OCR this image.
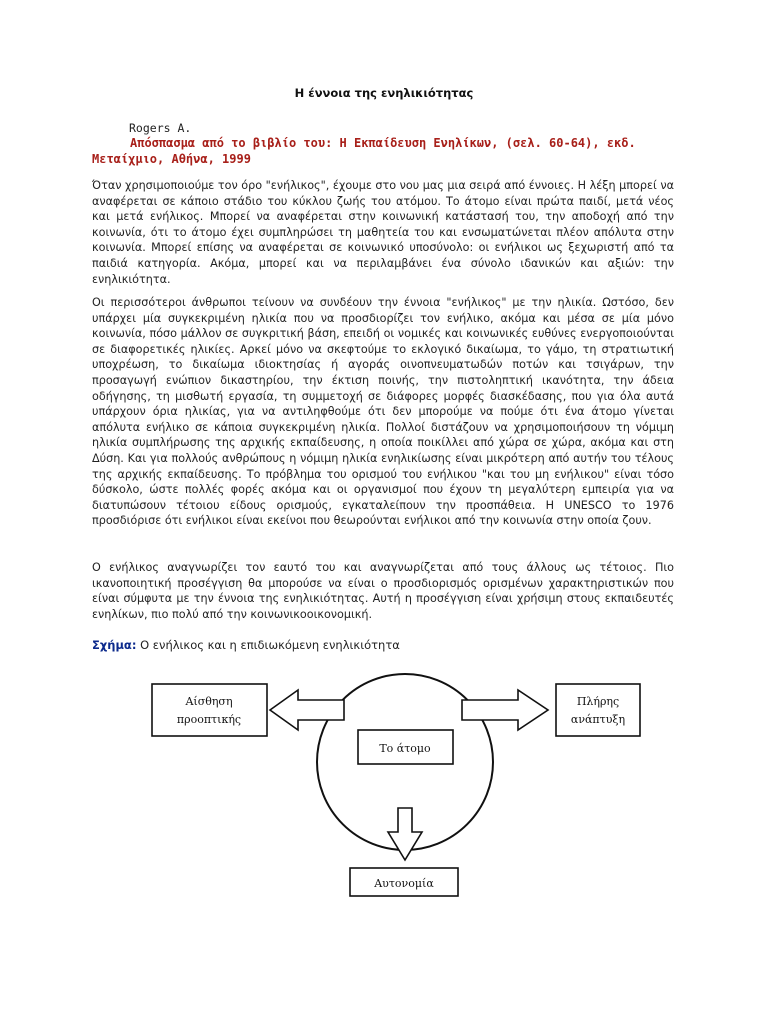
Η έννοια της ενηλικιότητας
Rogers A.
Απόσπασμα από το βιβλίο του: Η Εκπαίδευση Ενηλίκων, (σελ. 60-64), εκδ. Μεταίχμιο, Αθήνα, 1999

Όταν χρησιμοποιούμε τον όρο "ενήλικος", έχουμε στο νου μας μια σειρά από έννοιες. Η λέξη μπορεί να αναφέρεται σε κάποιο στάδιο του κύκλου ζωής του ατόμου. Το άτομο είναι πρώτα παιδί, μετά νέος και μετά ενήλικος. Μπορεί να αναφέρεται στην κοινωνική κατάστασή του, την αποδοχή από την κοινωνία, ότι το άτομο έχει συμπληρώσει τη μαθητεία του και ενσωματώνεται πλέον απόλυτα στην κοινωνία. Μπορεί επίσης να αναφέρεται σε κοινωνικό υποσύνολο: οι ενήλικοι ως ξεχωριστή από τα παιδιά κατηγορία. Ακόμα, μπορεί και να περιλαμβάνει ένα σύνολο ιδανικών και αξιών: την ενηλικιότητα.

Οι περισσότεροι άνθρωποι τείνουν να συνδέουν την έννοια "ενήλικος" με την ηλικία. Ωστόσο, δεν υπάρχει μία συγκεκριμένη ηλικία που να προσδιορίζει τον ενήλικο, ακόμα και μέσα σε μία μόνο κοινωνία, πόσο μάλλον σε συγκριτική βάση, επειδή οι νομικές και κοινωνικές ευθύνες ενεργοποιούνται σε διαφορετικές ηλικίες. Αρκεί μόνο να σκεφτούμε το εκλογικό δικαίωμα, το γάμο, τη στρατιωτική υποχρέωση, το δικαίωμα ιδιοκτησίας ή αγοράς οινοπνευματωδών ποτών και τσιγάρων, την προσαγωγή ενώπιον δικαστηρίου, την έκτιση ποινής, την πιστοληπτική ικανότητα, την άδεια οδήγησης, τη μισθωτή εργασία, τη συμμετοχή σε διάφορες μορφές διασκέδασης, που για όλα αυτά υπάρχουν όρια ηλικίας, για να αντιληφθούμε ότι δεν μπορούμε να πούμε ότι ένα άτομο γίνεται απόλυτα ενήλικο σε κάποια συγκεκριμένη ηλικία. Πολλοί διστάζουν να χρησιμοποιήσουν τη νόμιμη ηλικία συμπλήρωσης της αρχικής εκπαίδευσης, η οποία ποικίλλει από χώρα σε χώρα, ακόμα και στη Δύση. Και για πολλούς ανθρώπους η νόμιμη ηλικία ενηλικίωσης είναι μικρότερη από αυτήν του τέλους της αρχικής εκπαίδευσης. Το πρόβλημα του ορισμού του ενήλικου "και του μη ενήλικου" είναι τόσο δύσκολο, ώστε πολλές φορές ακόμα και οι οργανισμοί που έχουν τη μεγαλύτερη εμπειρία για να διατυπώσουν τέτοιου είδους ορισμούς, εγκαταλείπουν την προσπάθεια. Η UNESCO το 1976 προσδιόρισε ότι ενήλικοι είναι εκείνοι που θεωρούνται ενήλικοι από την κοινωνία στην οποία ζουν.

Ο ενήλικος αναγνωρίζει τον εαυτό του και αναγνωρίζεται από τους άλλους ως τέτοιος. Πιο ικανοποιητική προσέγγιση θα μπορούσε να είναι ο προσδιορισμός ορισμένων χαρακτηριστικών που είναι σύμφυτα με την έννοια της ενηλικιότητας. Αυτή η προσέγγιση είναι χρήσιμη στους εκπαιδευτές ενηλίκων, πιο πολύ από την κοινωνικοοικονομική.

Σχήμα: Ο ενήλικος και η επιδιωκόμενη ενηλικιότητα
Αίσθηση
προοπτικής
Πλήρης
ανάπτυξη
Το άτομο
Αυτονομία
